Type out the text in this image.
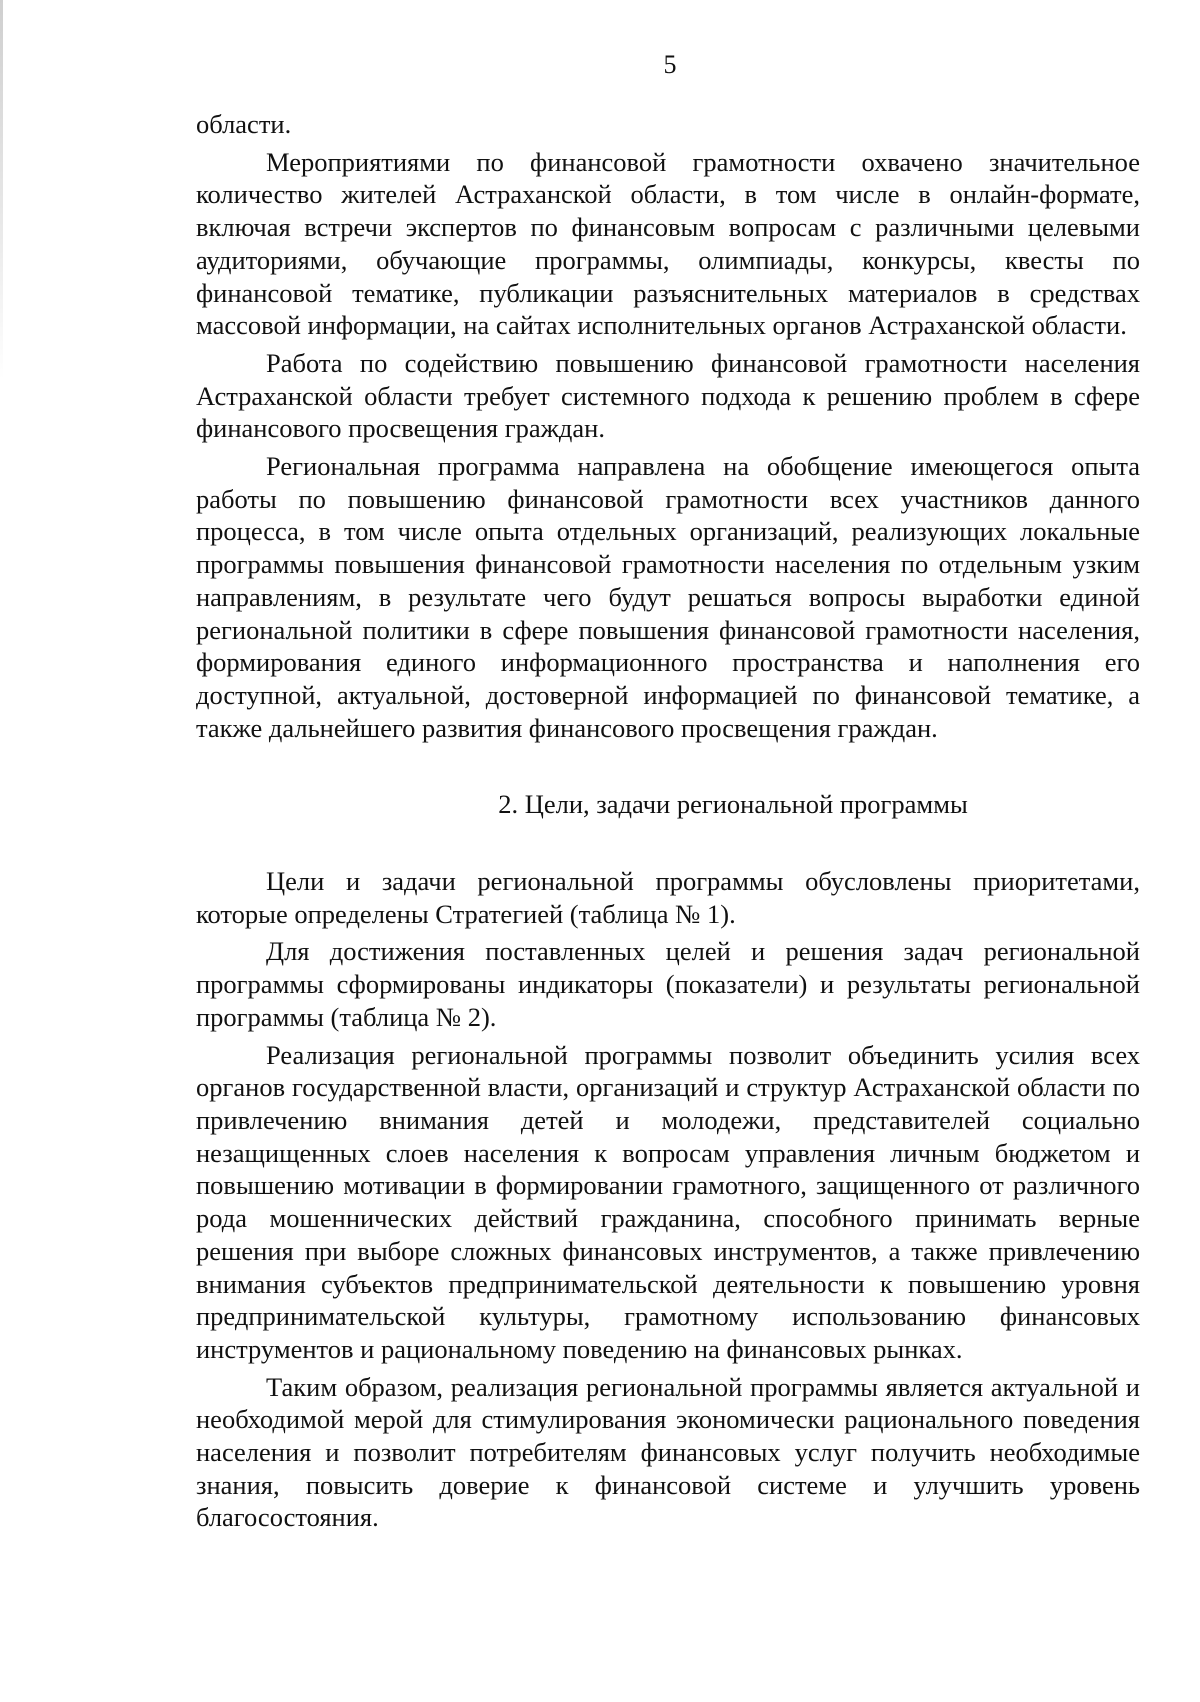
5

области.

Мероприятиями по финансовой грамотности охвачено значительное количество жителей Астраханской области, в том числе в онлайн-формате, включая встречи экспертов по финансовым вопросам с различными целевыми аудиториями, обучающие программы, олимпиады, конкурсы, квесты по финансовой тематике, публикации разъяснительных материалов в средствах массовой информации, на сайтах исполнительных органов Астраханской области.

Работа по содействию повышению финансовой грамотности населения Астраханской области требует системного подхода к решению проблем в сфере финансового просвещения граждан.

Региональная программа направлена на обобщение имеющегося опыта работы по повышению финансовой грамотности всех участников данного процесса, в том числе опыта отдельных организаций, реализующих локальные программы повышения финансовой грамотности населения по отдельным узким направлениям, в результате чего будут решаться вопросы выработки единой региональной политики в сфере повышения финансовой грамотности населения, формирования единого информационного пространства и наполнения его доступной, актуальной, достоверной информацией по финансовой тематике, а также дальнейшего развития финансового просвещения граждан.

2. Цели, задачи региональной программы

Цели и задачи региональной программы обусловлены приоритетами, которые определены Стратегией (таблица № 1).

Для достижения поставленных целей и решения задач региональной программы сформированы индикаторы (показатели) и результаты региональной программы (таблица № 2).

Реализация региональной программы позволит объединить усилия всех органов государственной власти, организаций и структур Астраханской области по привлечению внимания детей и молодежи, представителей социально незащищенных слоев населения к вопросам управления личным бюджетом и повышению мотивации в формировании грамотного, защищенного от различного рода мошеннических действий гражданина, способного принимать верные решения при выборе сложных финансовых инструментов, а также привлечению внимания субъектов предпринимательской деятельности к повышению уровня предпринимательской культуры, грамотному использованию финансовых инструментов и рациональному поведению на финансовых рынках.

Таким образом, реализация региональной программы является актуальной и необходимой мерой для стимулирования экономически рационального поведения населения и позволит потребителям финансовых услуг получить необходимые знания, повысить доверие к финансовой системе и улучшить уровень благосостояния.
